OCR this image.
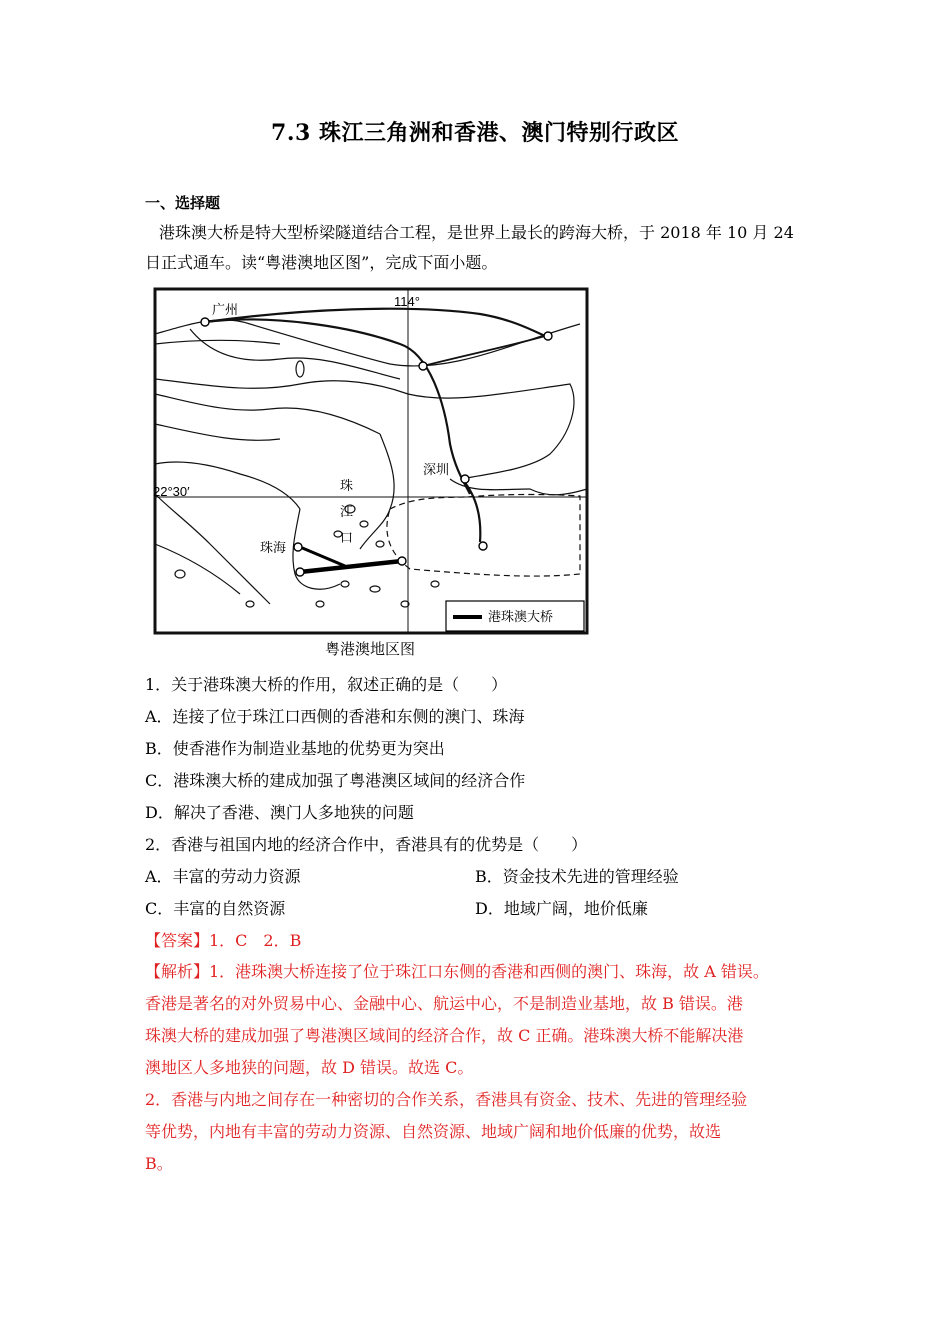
7.3 珠江三角洲和香港、澳门特别行政区
一、选择题
港珠澳大桥是特大型桥梁隧道结合工程，是世界上最长的跨海大桥，于 2018 年 10 月 24 日正式通车。读“粤港澳地区图”，完成下面小题。
广州
114°
22°30′
深圳
珠海
珠
江
口
港珠澳大桥
粤港澳地区图
1．关于港珠澳大桥的作用，叙述正确的是（　　）
A．连接了位于珠江口西侧的香港和东侧的澳门、珠海
B．使香港作为制造业基地的优势更为突出
C．港珠澳大桥的建成加强了粤港澳区域间的经济合作
D．解决了香港、澳门人多地狭的问题
2．香港与祖国内地的经济合作中，香港具有的优势是（　　）
A．丰富的劳动力资源	B．资金技术先进的管理经验
C．丰富的自然资源	D．地域广阔，地价低廉
【答案】1．C　2．B
【解析】1．港珠澳大桥连接了位于珠江口东侧的香港和西侧的澳门、珠海，故 A 错误。
香港是著名的对外贸易中心、金融中心、航运中心，不是制造业基地，故 B 错误。港
珠澳大桥的建成加强了粤港澳区域间的经济合作，故 C 正确。港珠澳大桥不能解决港
澳地区人多地狭的问题，故 D 错误。故选 C。
2．香港与内地之间存在一种密切的合作关系，香港具有资金、技术、先进的管理经验
等优势，内地有丰富的劳动力资源、自然资源、地域广阔和地价低廉的优势，故选
B。
